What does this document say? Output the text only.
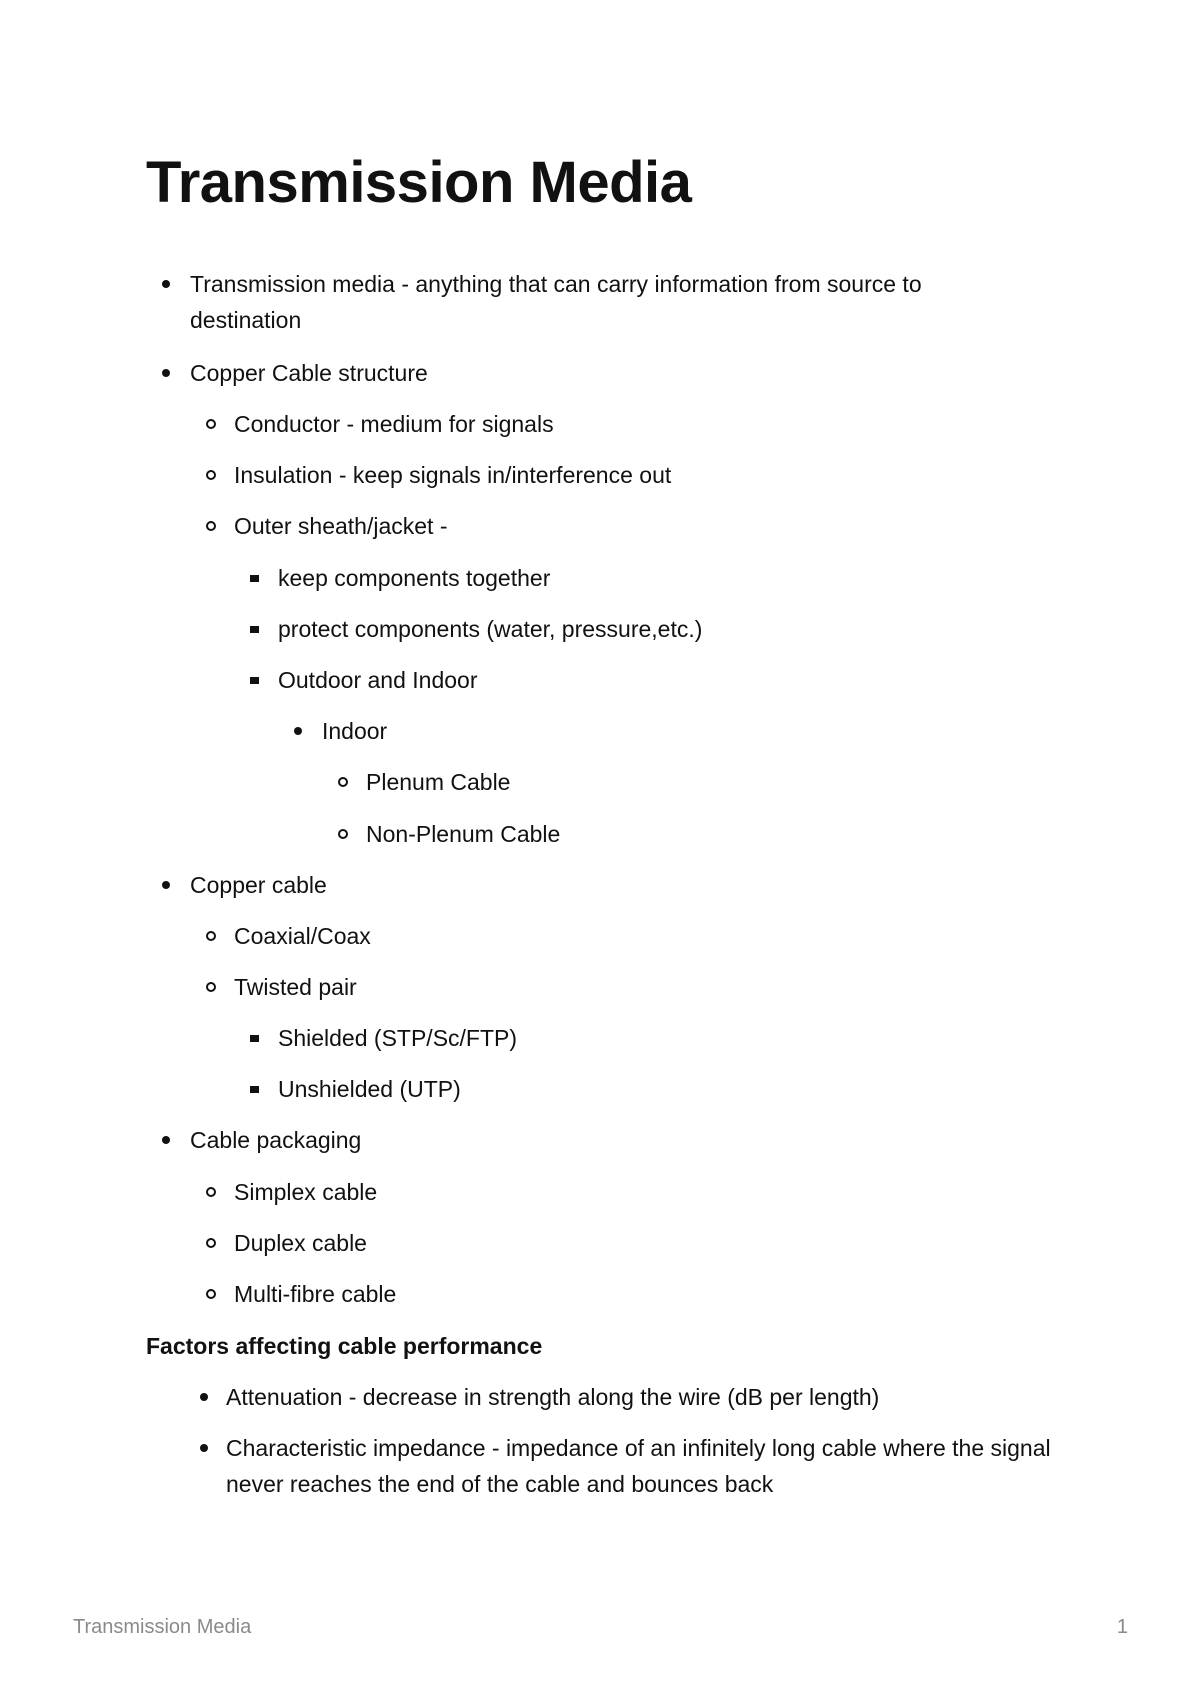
Transmission Media
Transmission media - anything that can carry information from source to destination
Copper Cable structure
Conductor - medium for signals
Insulation - keep signals in/interference out
Outer sheath/jacket -
keep components together
protect components (water, pressure,etc.)
Outdoor and Indoor
Indoor
Plenum Cable
Non-Plenum Cable
Copper cable
Coaxial/Coax
Twisted pair
Shielded (STP/Sc/FTP)
Unshielded (UTP)
Cable packaging
Simplex cable
Duplex cable
Multi-fibre cable
Factors affecting cable performance
Attenuation - decrease in strength along the wire (dB per length)
Characteristic impedance - impedance of an infinitely long cable where the signal never reaches the end of the cable and bounces back
Transmission Media	1
